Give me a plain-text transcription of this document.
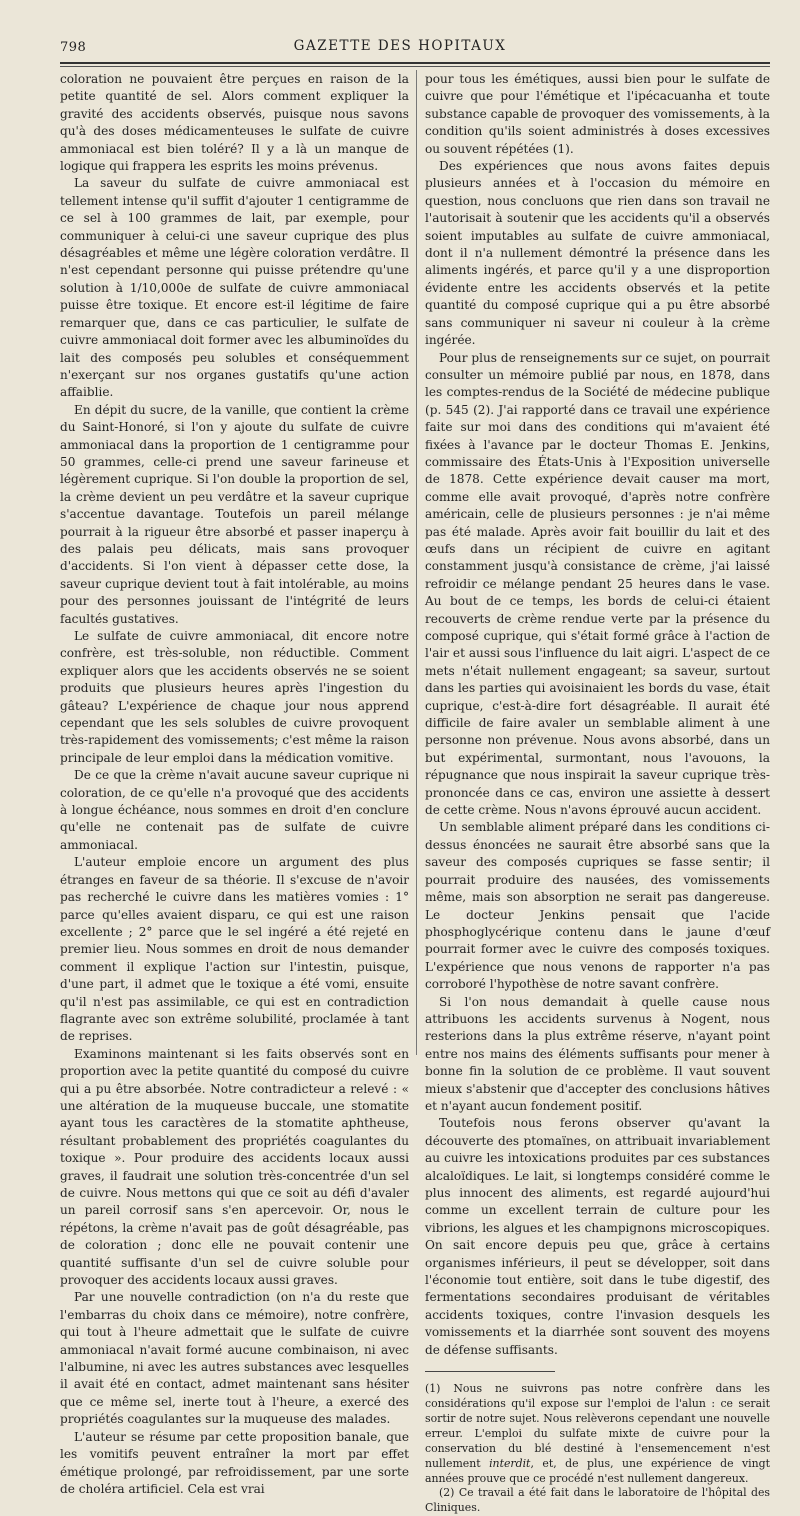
798	GAZETTE DES HOPITAUX

coloration ne pouvaient être perçues en raison de la petite quantité de sel. Alors comment expliquer la gravité des accidents observés, puisque nous savons qu'à des doses médicamenteuses le sulfate de cuivre ammoniacal est bien toléré? Il y a là un manque de logique qui frappera les esprits les moins prévenus.

La saveur du sulfate de cuivre ammoniacal est tellement intense qu'il suffit d'ajouter 1 centigramme de ce sel à 100 grammes de lait, par exemple, pour communiquer à celui-ci une saveur cuprique des plus désagréables et même une légère coloration verdâtre. Il n'est cependant personne qui puisse prétendre qu'une solution à 1/10,000e de sulfate de cuivre ammoniacal puisse être toxique. Et encore est-il légitime de faire remarquer que, dans ce cas particulier, le sulfate de cuivre ammoniacal doit former avec les albuminoïdes du lait des composés peu solubles et conséquemment n'exerçant sur nos organes gustatifs qu'une action affaiblie.

En dépit du sucre, de la vanille, que contient la crème du Saint-Honoré, si l'on y ajoute du sulfate de cuivre ammoniacal dans la proportion de 1 centigramme pour 50 grammes, celle-ci prend une saveur farineuse et légèrement cuprique. Si l'on double la proportion de sel, la crème devient un peu verdâtre et la saveur cuprique s'accentue davantage. Toutefois un pareil mélange pourrait à la rigueur être absorbé et passer inaperçu à des palais peu délicats, mais sans provoquer d'accidents. Si l'on vient à dépasser cette dose, la saveur cuprique devient tout à fait intolérable, au moins pour des personnes jouissant de l'intégrité de leurs facultés gustatives.

Le sulfate de cuivre ammoniacal, dit encore notre confrère, est très-soluble, non réductible. Comment expliquer alors que les accidents observés ne se soient produits que plusieurs heures après l'ingestion du gâteau? L'expérience de chaque jour nous apprend cependant que les sels solubles de cuivre provoquent très-rapidement des vomissements; c'est même la raison principale de leur emploi dans la médication vomitive.

De ce que la crème n'avait aucune saveur cuprique ni coloration, de ce qu'elle n'a provoqué que des accidents à longue échéance, nous sommes en droit d'en conclure qu'elle ne contenait pas de sulfate de cuivre ammoniacal.

L'auteur emploie encore un argument des plus étranges en faveur de sa théorie. Il s'excuse de n'avoir pas recherché le cuivre dans les matières vomies : 1° parce qu'elles avaient disparu, ce qui est une raison excellente ; 2° parce que le sel ingéré a été rejeté en premier lieu. Nous sommes en droit de nous demander comment il explique l'action sur l'intestin, puisque, d'une part, il admet que le toxique a été vomi, ensuite qu'il n'est pas assimilable, ce qui est en contradiction flagrante avec son extrême solubilité, proclamée à tant de reprises.

Examinons maintenant si les faits observés sont en proportion avec la petite quantité du composé du cuivre qui a pu être absorbée. Notre contradicteur a relevé : « une altération de la muqueuse buccale, une stomatite ayant tous les caractères de la stomatite aphtheuse, résultant probablement des propriétés coagulantes du toxique ». Pour produire des accidents locaux aussi graves, il faudrait une solution très-concentrée d'un sel de cuivre. Nous mettons qui que ce soit au défi d'avaler un pareil corrosif sans s'en apercevoir. Or, nous le répétons, la crème n'avait pas de goût désagréable, pas de coloration ; donc elle ne pouvait contenir une quantité suffisante d'un sel de cuivre soluble pour provoquer des accidents locaux aussi graves.

Par une nouvelle contradiction (on n'a du reste que l'embarras du choix dans ce mémoire), notre confrère, qui tout à l'heure admettait que le sulfate de cuivre ammoniacal n'avait formé aucune combinaison, ni avec l'albumine, ni avec les autres substances avec lesquelles il avait été en contact, admet maintenant sans hésiter que ce même sel, inerte tout à l'heure, a exercé des propriétés coagulantes sur la muqueuse des malades.

L'auteur se résume par cette proposition banale, que les vomitifs peuvent entraîner la mort par effet émétique prolongé, par refroidissement, par une sorte de choléra artificiel. Cela est vrai

pour tous les émétiques, aussi bien pour le sulfate de cuivre que pour l'émétique et l'ipécacuanha et toute substance capable de provoquer des vomissements, à la condition qu'ils soient administrés à doses excessives ou souvent répétées (1).

Des expériences que nous avons faites depuis plusieurs années et à l'occasion du mémoire en question, nous concluons que rien dans son travail ne l'autorisait à soutenir que les accidents qu'il a observés soient imputables au sulfate de cuivre ammoniacal, dont il n'a nullement démontré la présence dans les aliments ingérés, et parce qu'il y a une disproportion évidente entre les accidents observés et la petite quantité du composé cuprique qui a pu être absorbé sans communiquer ni saveur ni couleur à la crème ingérée.

Pour plus de renseignements sur ce sujet, on pourrait consulter un mémoire publié par nous, en 1878, dans les comptes-rendus de la Société de médecine publique (p. 545 (2). J'ai rapporté dans ce travail une expérience faite sur moi dans des conditions qui m'avaient été fixées à l'avance par le docteur Thomas E. Jenkins, commissaire des États-Unis à l'Exposition universelle de 1878. Cette expérience devait causer ma mort, comme elle avait provoqué, d'après notre confrère américain, celle de plusieurs personnes : je n'ai même pas été malade. Après avoir fait bouillir du lait et des œufs dans un récipient de cuivre en agitant constamment jusqu'à consistance de crème, j'ai laissé refroidir ce mélange pendant 25 heures dans le vase. Au bout de ce temps, les bords de celui-ci étaient recouverts de crème rendue verte par la présence du composé cuprique, qui s'était formé grâce à l'action de l'air et aussi sous l'influence du lait aigri. L'aspect de ce mets n'était nullement engageant; sa saveur, surtout dans les parties qui avoisinaient les bords du vase, était cuprique, c'est-à-dire fort désagréable. Il aurait été difficile de faire avaler un semblable aliment à une personne non prévenue. Nous avons absorbé, dans un but expérimental, surmontant, nous l'avouons, la répugnance que nous inspirait la saveur cuprique très-prononcée dans ce cas, environ une assiette à dessert de cette crème. Nous n'avons éprouvé aucun accident.

Un semblable aliment préparé dans les conditions ci-dessus énoncées ne saurait être absorbé sans que la saveur des composés cupriques se fasse sentir; il pourrait produire des nausées, des vomissements même, mais son absorption ne serait pas dangereuse. Le docteur Jenkins pensait que l'acide phosphoglycérique contenu dans le jaune d'œuf pourrait former avec le cuivre des composés toxiques. L'expérience que nous venons de rapporter n'a pas corroboré l'hypothèse de notre savant confrère.

Si l'on nous demandait à quelle cause nous attribuons les accidents survenus à Nogent, nous resterions dans la plus extrême réserve, n'ayant point entre nos mains des éléments suffisants pour mener à bonne fin la solution de ce problème. Il vaut souvent mieux s'abstenir que d'accepter des conclusions hâtives et n'ayant aucun fondement positif.

Toutefois nous ferons observer qu'avant la découverte des ptomaïnes, on attribuait invariablement au cuivre les intoxications produites par ces substances alcaloïdiques. Le lait, si longtemps considéré comme le plus innocent des aliments, est regardé aujourd'hui comme un excellent terrain de culture pour les vibrions, les algues et les champignons microscopiques. On sait encore depuis peu que, grâce à certains organismes inférieurs, il peut se développer, soit dans l'économie tout entière, soit dans le tube digestif, des fermentations secondaires produisant de véritables accidents toxiques, contre l'invasion desquels les vomissements et la diarrhée sont souvent des moyens de défense suffisants.

(1) Nous ne suivrons pas notre confrère dans les considérations qu'il expose sur l'emploi de l'alun : ce serait sortir de notre sujet. Nous relèverons cependant une nouvelle erreur. L'emploi du sulfate mixte de cuivre pour la conservation du blé destiné à l'ensemencement n'est nullement interdit, et, de plus, une expérience de vingt années prouve que ce procédé n'est nullement dangereux.

(2) Ce travail a été fait dans le laboratoire de l'hôpital des Cliniques.
